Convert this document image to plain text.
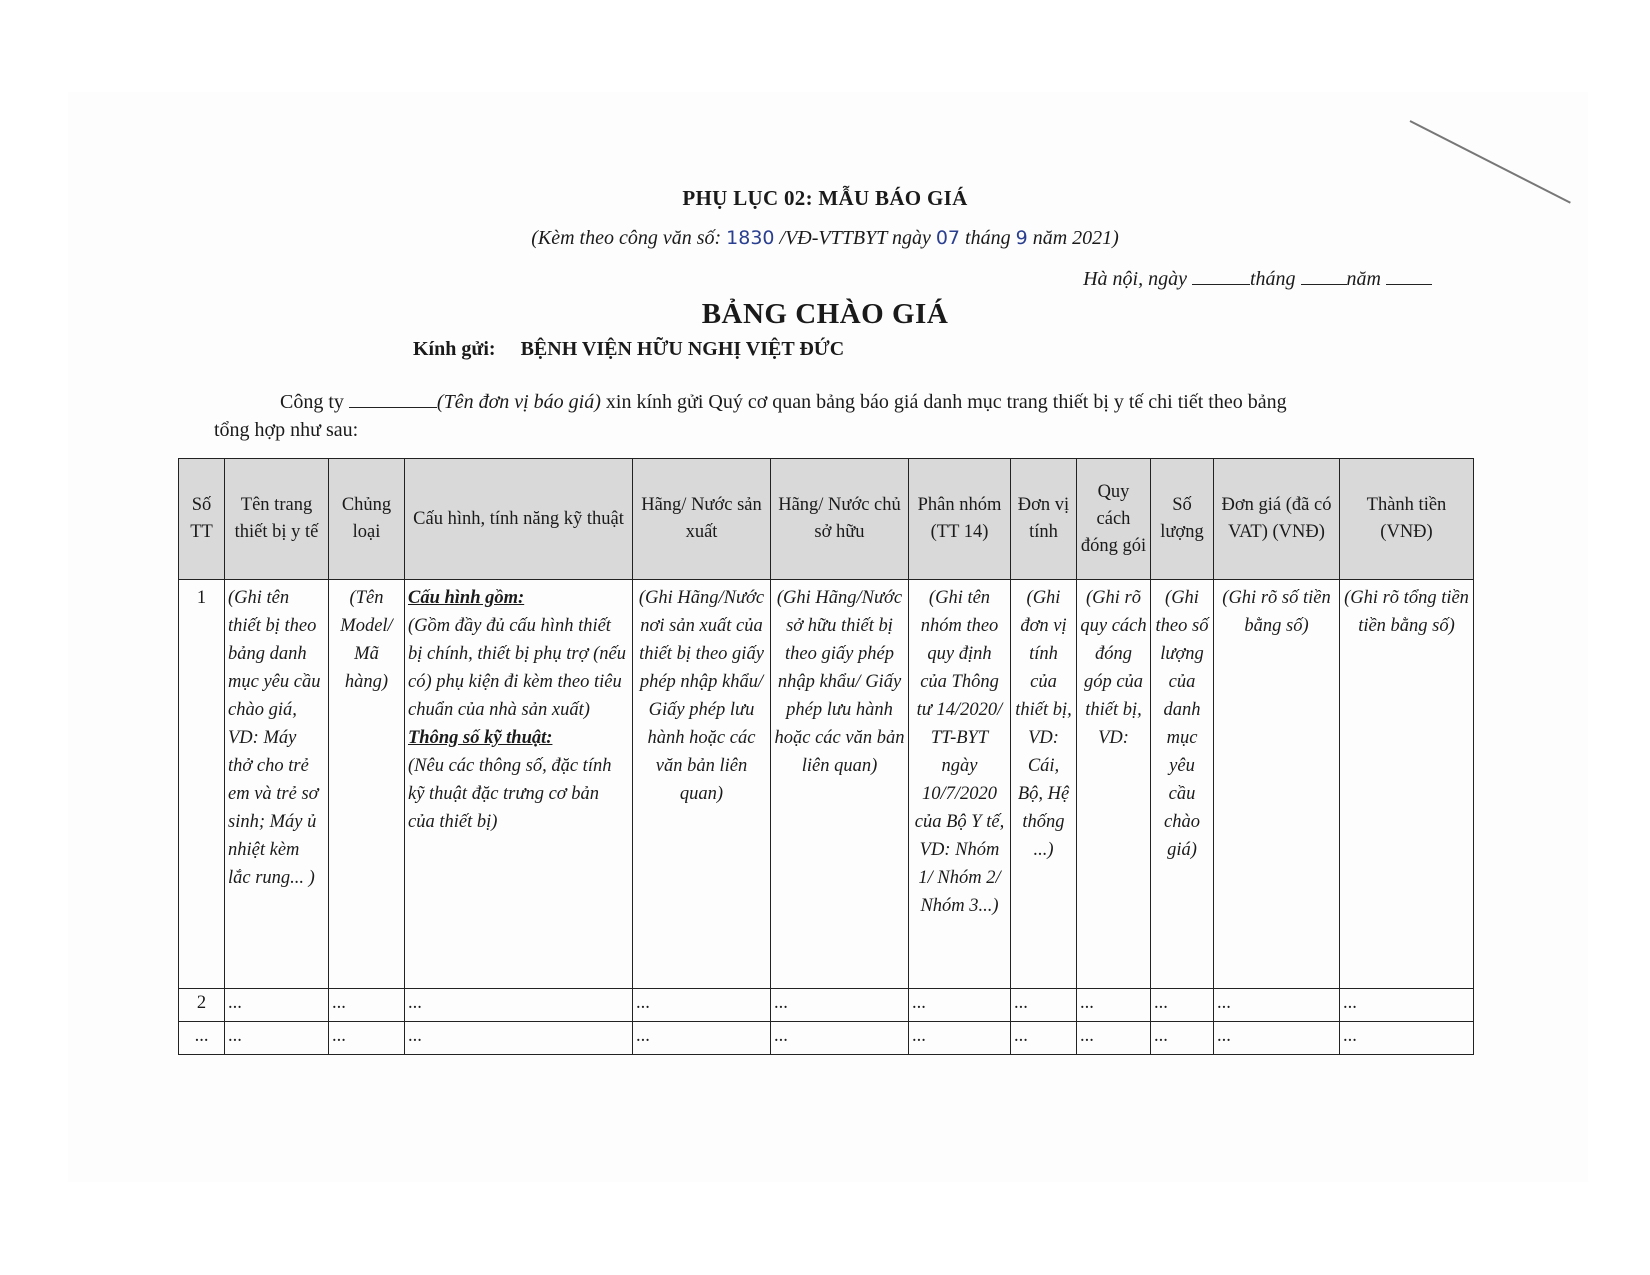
PHỤ LỤC 02: MẪU BÁO GIÁ
(Kèm theo công văn số: 1830 /VĐ-VTTBYT ngày 07 tháng 9 năm 2021)
Hà nội, ngày	tháng	năm
BẢNG CHÀO GIÁ
Kính gửi: BỆNH VIỆN HỮU NGHỊ VIỆT ĐỨC
Công ty	(Tên đơn vị báo giá) xin kính gửi Quý cơ quan bảng báo giá danh mục trang thiết bị y tế chi tiết theo bảng
tổng hợp như sau:
Số TT	Tên trang thiết bị y tế	Chủng loại	Cấu hình, tính năng kỹ thuật	Hãng/ Nước sản xuất	Hãng/ Nước chủ sở hữu	Phân nhóm (TT 14)	Đơn vị tính	Quy cách đóng gói	Số lượng	Đơn giá (đã có VAT) (VNĐ)	Thành tiền (VNĐ)
1	(Ghi tên thiết bị theo bảng danh mục yêu cầu chào giá, VD: Máy thở cho trẻ em và trẻ sơ sinh; Máy ủ nhiệt kèm lắc rung... )	(Tên Model/ Mã hàng)	Cấu hình gồm:
(Gồm đầy đủ cấu hình thiết bị chính, thiết bị phụ trợ (nếu có) phụ kiện đi kèm theo tiêu chuẩn của nhà sản xuất)
Thông số kỹ thuật:
(Nêu các thông số, đặc tính kỹ thuật đặc trưng cơ bản của thiết bị)	(Ghi Hãng/Nước nơi sản xuất của thiết bị theo giấy phép nhập khẩu/ Giấy phép lưu hành hoặc các văn bản liên quan)	(Ghi Hãng/Nước sở hữu thiết bị theo giấy phép nhập khẩu/ Giấy phép lưu hành hoặc các văn bản liên quan)	(Ghi tên nhóm theo quy định của Thông tư 14/2020/ TT-BYT ngày 10/7/2020 của Bộ Y tế, VD: Nhóm 1/ Nhóm 2/ Nhóm 3...)	(Ghi đơn vị tính của thiết bị, VD: Cái, Bộ, Hệ thống ...)	(Ghi rõ quy cách đóng góp của thiết bị, VD:	(Ghi theo số lượng của danh mục yêu cầu chào giá)	(Ghi rõ số tiền bằng số)	(Ghi rõ tổng tiền tiền bằng số)
2	...	...	...	...	...	...	...	...	...	...	...
...	...	...	...	...	...	...	...	...	...	...	...
